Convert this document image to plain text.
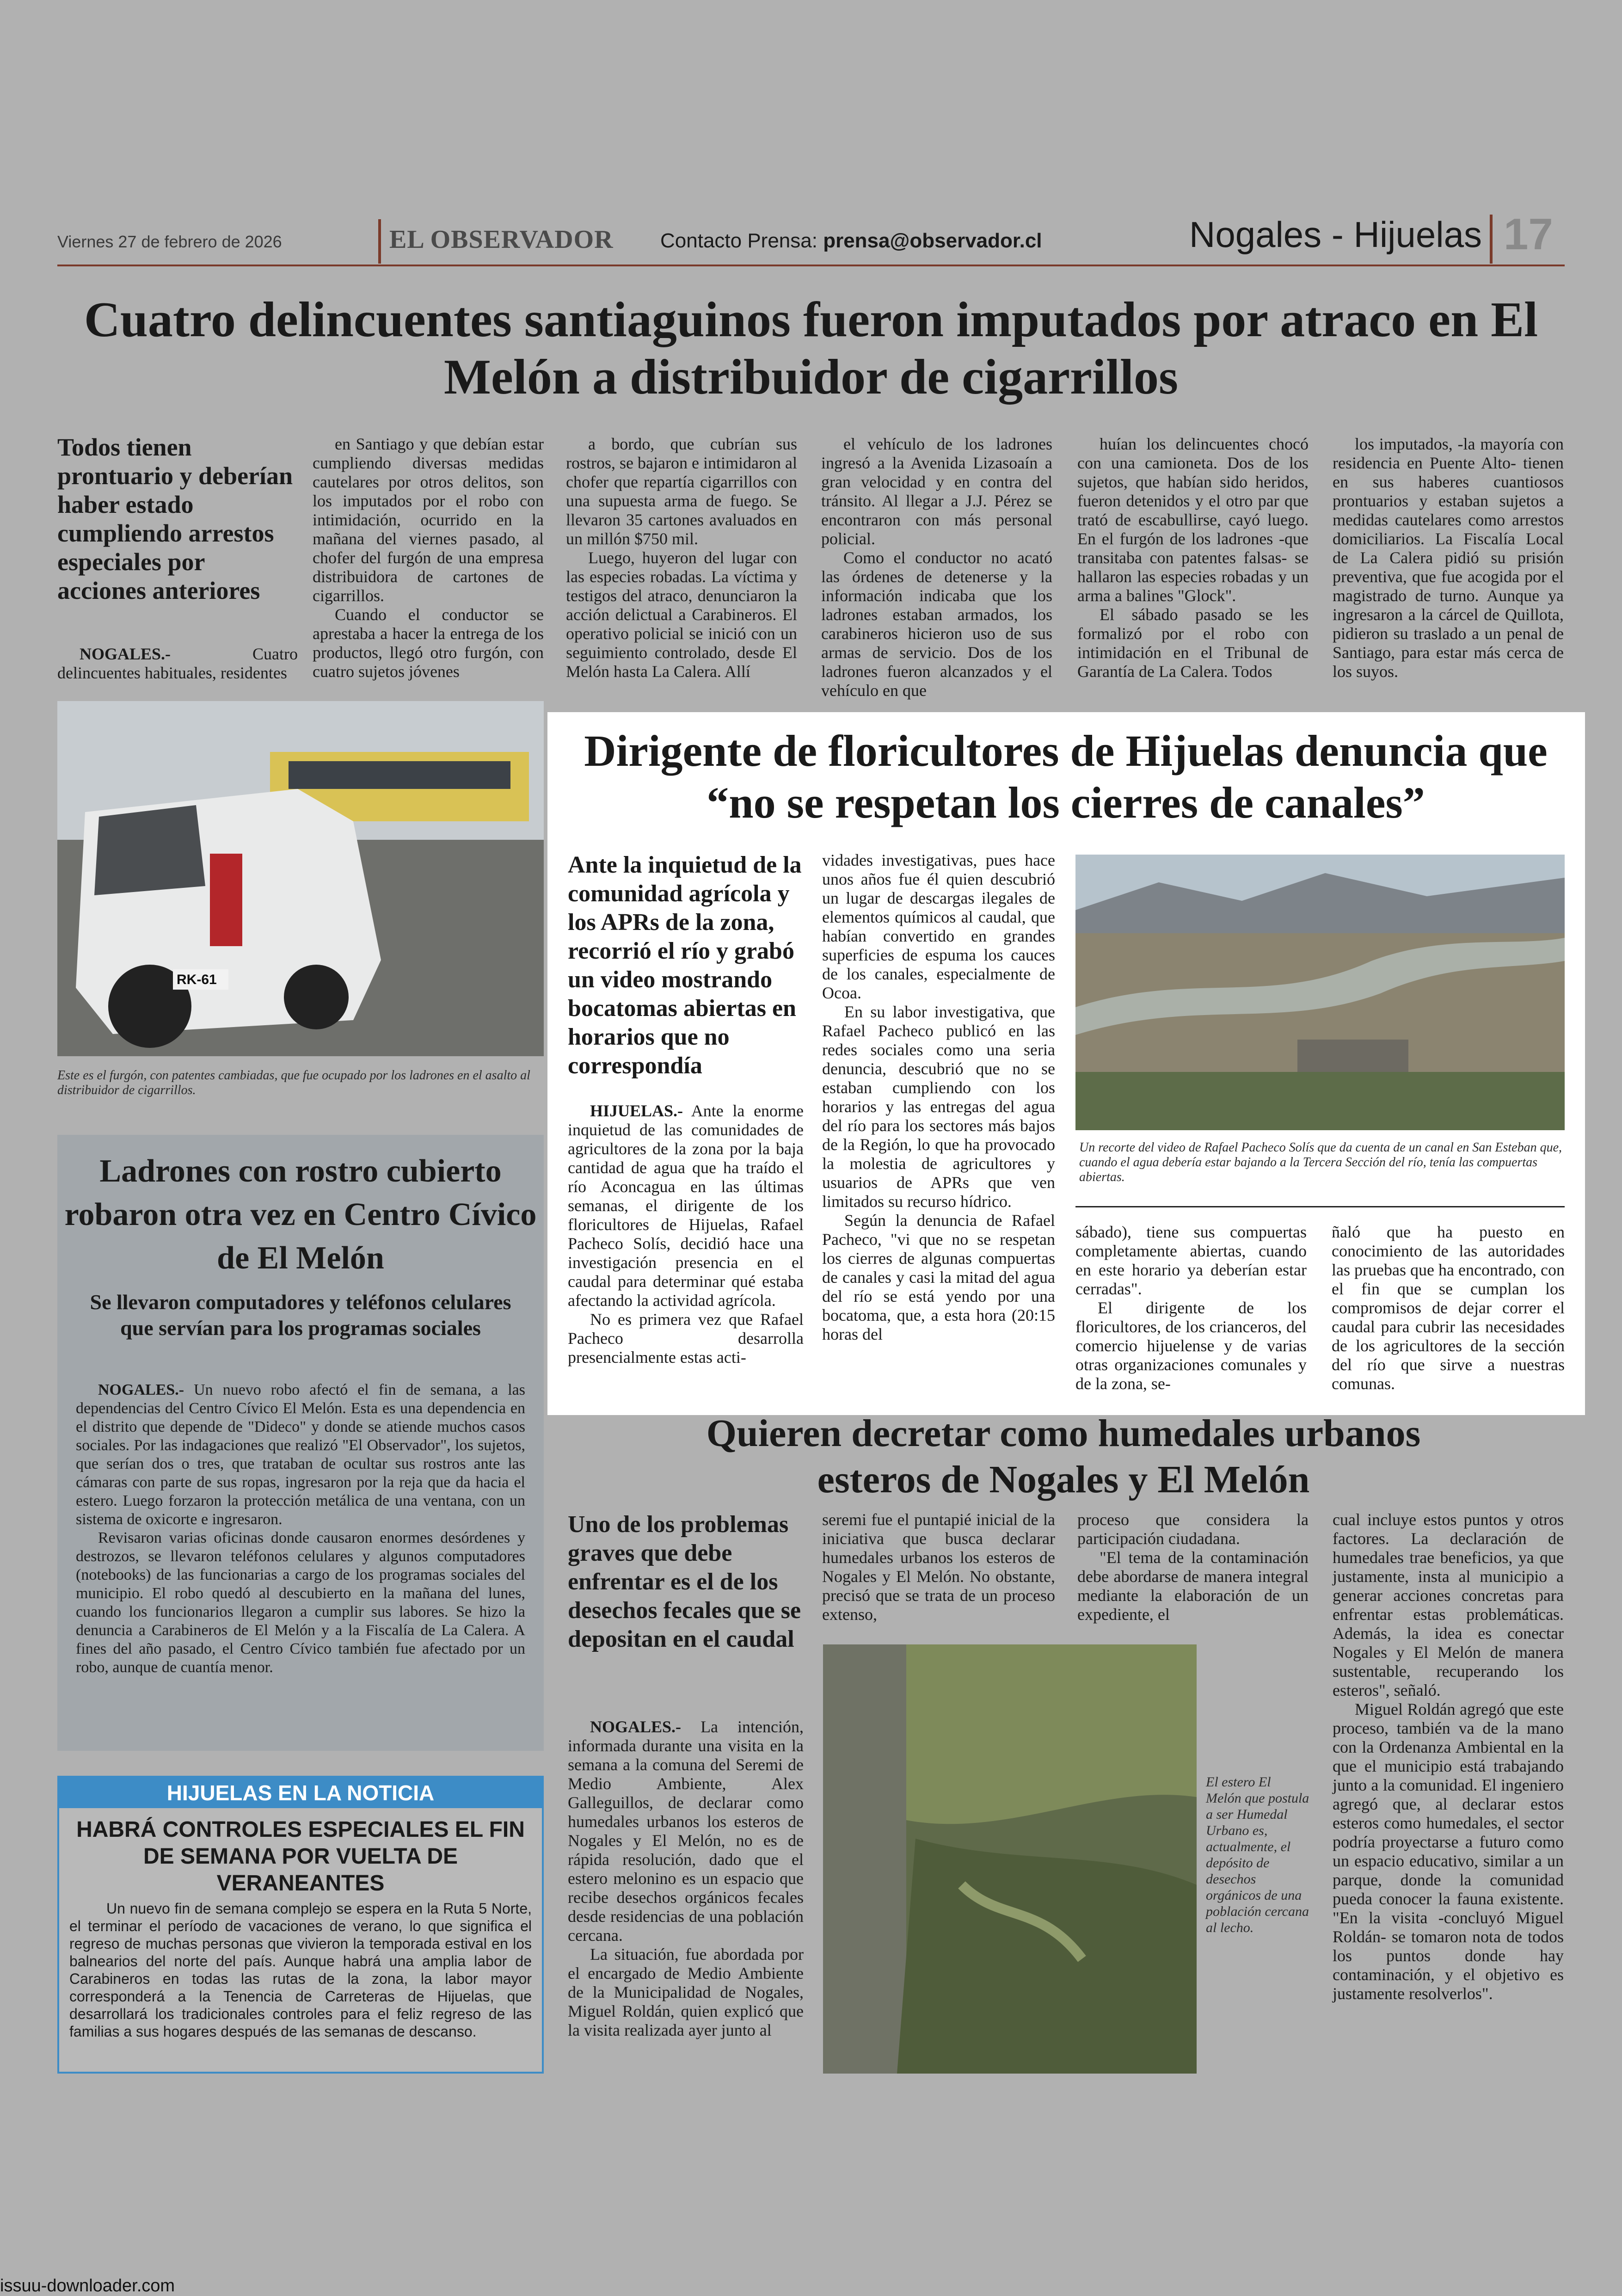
Viernes 27 de febrero de 2026	EL OBSERVADOR Contacto Prensa: prensa@observador.cl	Nogales - Hijuelas 17
Cuatro delincuentes santiaguinos fueron imputados por atraco en El Melón a distribuidor de cigarrillos
Todos tienen prontuario y deberían haber estado cumpliendo arrestos especiales por acciones anteriores

NOGALES.-	Cuatro delincuentes habituales, residentes

en Santiago y que debían estar cumpliendo diversas medidas cautelares por otros delitos, son los imputados por el robo con intimidación, ocurrido en la mañana del viernes pasado, al chofer del furgón de una empresa distribuidora de cartones de cigarrillos.

Cuando el conductor se aprestaba a hacer la entrega de los productos, llegó otro furgón, con cuatro sujetos jóvenes

a bordo, que cubrían sus rostros, se bajaron e intimidaron al chofer que repartía cigarrillos con una supuesta arma de fuego. Se llevaron 35 cartones avaluados en un millón $750 mil.

Luego, huyeron del lugar con las especies robadas. La víctima y testigos del atraco, denunciaron la acción delictual a Carabineros. El operativo policial se inició con un seguimiento controlado, desde El Melón hasta La Calera. Allí

el vehículo de los ladrones ingresó a la Avenida Lizasoaín a gran velocidad y en contra del tránsito. Al llegar a J.J. Pérez se encontraron con más personal policial.

Como el conductor no acató las órdenes de detenerse y la información indicaba que los ladrones estaban armados, los carabineros hicieron uso de sus armas de servicio. Dos de los ladrones fueron alcanzados y el vehículo en que

huían los delincuentes chocó con una camioneta. Dos de los sujetos, que habían sido heridos, fueron detenidos y el otro par que trató de escabullirse, cayó luego. En el furgón de los ladrones -que transitaba con patentes falsas- se hallaron las especies robadas y un arma a balines "Glock".

El sábado pasado se les formalizó por el robo con intimidación en el Tribunal de Garantía de La Calera. Todos

los imputados, -la mayoría con residencia en Puente Alto- tienen en sus haberes cuantiosos prontuarios y estaban sujetos a medidas cautelares como arrestos domiciliarios. La Fiscalía Local de La Calera pidió su prisión preventiva, que fue acogida por el magistrado de turno. Aunque ya ingresaron a la cárcel de Quillota, pidieron su traslado a un penal de Santiago, para estar más cerca de los suyos.

RK-61
Este es el furgón, con patentes cambiadas, que fue ocupado por los ladrones en el asalto al distribuidor de cigarrillos.
Dirigente de floricultores de Hijuelas denuncia que “no se respetan los cierres de canales”
Ante la inquietud de la comunidad agrícola y los APRs de la zona, recorrió el río y grabó un video mostrando bocatomas abiertas en horarios que no correspondía

HIJUELAS.- Ante la enorme inquietud de las comunidades de agricultores de la zona por la baja cantidad de agua que ha traído el río Aconcagua en las últimas semanas, el dirigente de los floricultores de Hijuelas, Rafael Pacheco Solís, decidió hace una investigación presencia en el caudal para determinar qué estaba afectando la actividad agrícola.

No es primera vez que Rafael Pacheco desarrolla presencialmente estas acti-

vidades investigativas, pues hace unos años fue él quien descubrió un lugar de descargas ilegales de elementos químicos al caudal, que habían convertido en grandes superficies de espuma los cauces de los canales, especialmente de Ocoa.

En su labor investigativa, que Rafael Pacheco publicó en las redes sociales como una seria denuncia, descubrió que no se estaban cumpliendo con los horarios y las entregas del agua del río para los sectores más bajos de la Región, lo que ha provocado la molestia de agricultores y usuarios de APRs que ven limitados su recurso hídrico.

Según la denuncia de Rafael Pacheco, "vi que no se respetan los cierres de algunas compuertas de canales y casi la mitad del agua del río se está yendo por una bocatoma, que, a esta hora (20:15 horas del

Un recorte del video de Rafael Pacheco Solís que da cuenta de un canal en San Esteban que, cuando el agua debería estar bajando a la Tercera Sección del río, tenía las compuertas abiertas.

sábado), tiene sus compuertas completamente abiertas, cuando en este horario ya deberían estar cerradas".

El dirigente de los floricultores, de los crianceros, del comercio hijuelense y de varias otras organizaciones comunales y de la zona, se-

ñaló que ha puesto en conocimiento de las autoridades las pruebas que ha encontrado, con el fin que se cumplan los compromisos de dejar correr el caudal para cubrir las necesidades de los agricultores de la sección del río que sirve a nuestras comunas.

Ladrones con rostro cubierto robaron otra vez en Centro Cívico de El Melón
Se llevaron computadores y teléfonos celulares que servían para los programas sociales

NOGALES.- Un nuevo robo afectó el fin de semana, a las dependencias del Centro Cívico El Melón. Esta es una dependencia en el distrito que depende de "Dideco" y donde se atiende muchos casos sociales. Por las indagaciones que realizó "El Observador", los sujetos, que serían dos o tres, que trataban de ocultar sus rostros ante las cámaras con parte de sus ropas, ingresaron por la reja que da hacia el estero. Luego forzaron la protección metálica de una ventana, con un sistema de oxicorte e ingresaron.

Revisaron varias oficinas donde causaron enormes desórdenes y destrozos, se llevaron teléfonos celulares y algunos computadores (notebooks) de las funcionarias a cargo de los programas sociales del municipio. El robo quedó al descubierto en la mañana del lunes, cuando los funcionarios llegaron a cumplir sus labores. Se hizo la denuncia a Carabineros de El Melón y a la Fiscalía de La Calera. A fines del año pasado, el Centro Cívico también fue afectado por un robo, aunque de cuantía menor.

HIJUELAS EN LA NOTICIA
HABRÁ CONTROLES ESPECIALES EL FIN DE SEMANA POR VUELTA DE VERANEANTES

Un nuevo fin de semana complejo se espera en la Ruta 5 Norte, el terminar el período de vacaciones de verano, lo que significa el regreso de muchas personas que vivieron la temporada estival en los balnearios del norte del país. Aunque habrá una amplia labor de Carabineros en todas las rutas de la zona, la labor mayor corresponderá a la Tenencia de Carreteras de Hijuelas, que desarrollará los tradicionales controles para el feliz regreso de las familias a sus hogares después de las semanas de descanso.

Quieren decretar como humedales urbanos esteros de Nogales y El Melón
Uno de los problemas graves que debe enfrentar es el de los desechos fecales que se depositan en el caudal

NOGALES.- La intención, informada durante una visita en la semana a la comuna del Seremi de Medio Ambiente, Alex Galleguillos, de declarar como humedales urbanos los esteros de Nogales y El Melón, no es de rápida resolución, dado que el estero melonino es un espacio que recibe desechos orgánicos fecales desde residencias de una población cercana.

La situación, fue abordada por el encargado de Medio Ambiente de la Municipalidad de Nogales, Miguel Roldán, quien explicó que la visita realizada ayer junto al

seremi fue el puntapié inicial de la iniciativa que busca declarar humedales urbanos los esteros de Nogales y El Melón. No obstante, precisó que se trata de un proceso extenso,

proceso que considera la participación ciudadana.

"El tema de la contaminación debe abordarse de manera integral mediante la elaboración de un expediente, el

cual incluye estos puntos y otros factores. La declaración de humedales trae beneficios, ya que justamente, insta al municipio a generar acciones concretas para enfrentar estas problemáticas. Además, la idea es conectar Nogales y El Melón de manera sustentable, recuperando los esteros", señaló.

Miguel Roldán agregó que este proceso, también va de la mano con la Ordenanza Ambiental en la que el municipio está trabajando junto a la comunidad. El ingeniero agregó que, al declarar estos esteros como humedales, el sector podría proyectarse a futuro como un espacio educativo, similar a un parque, donde la comunidad pueda conocer la fauna existente. "En la visita -concluyó Miguel Roldán- se tomaron nota de todos los puntos donde hay contaminación, y el objetivo es justamente resolverlos".

El estero El Melón que postula a ser Humedal Urbano es, actualmente, el depósito de desechos orgánicos de una población cercana al lecho.
issuu-downloader.com
